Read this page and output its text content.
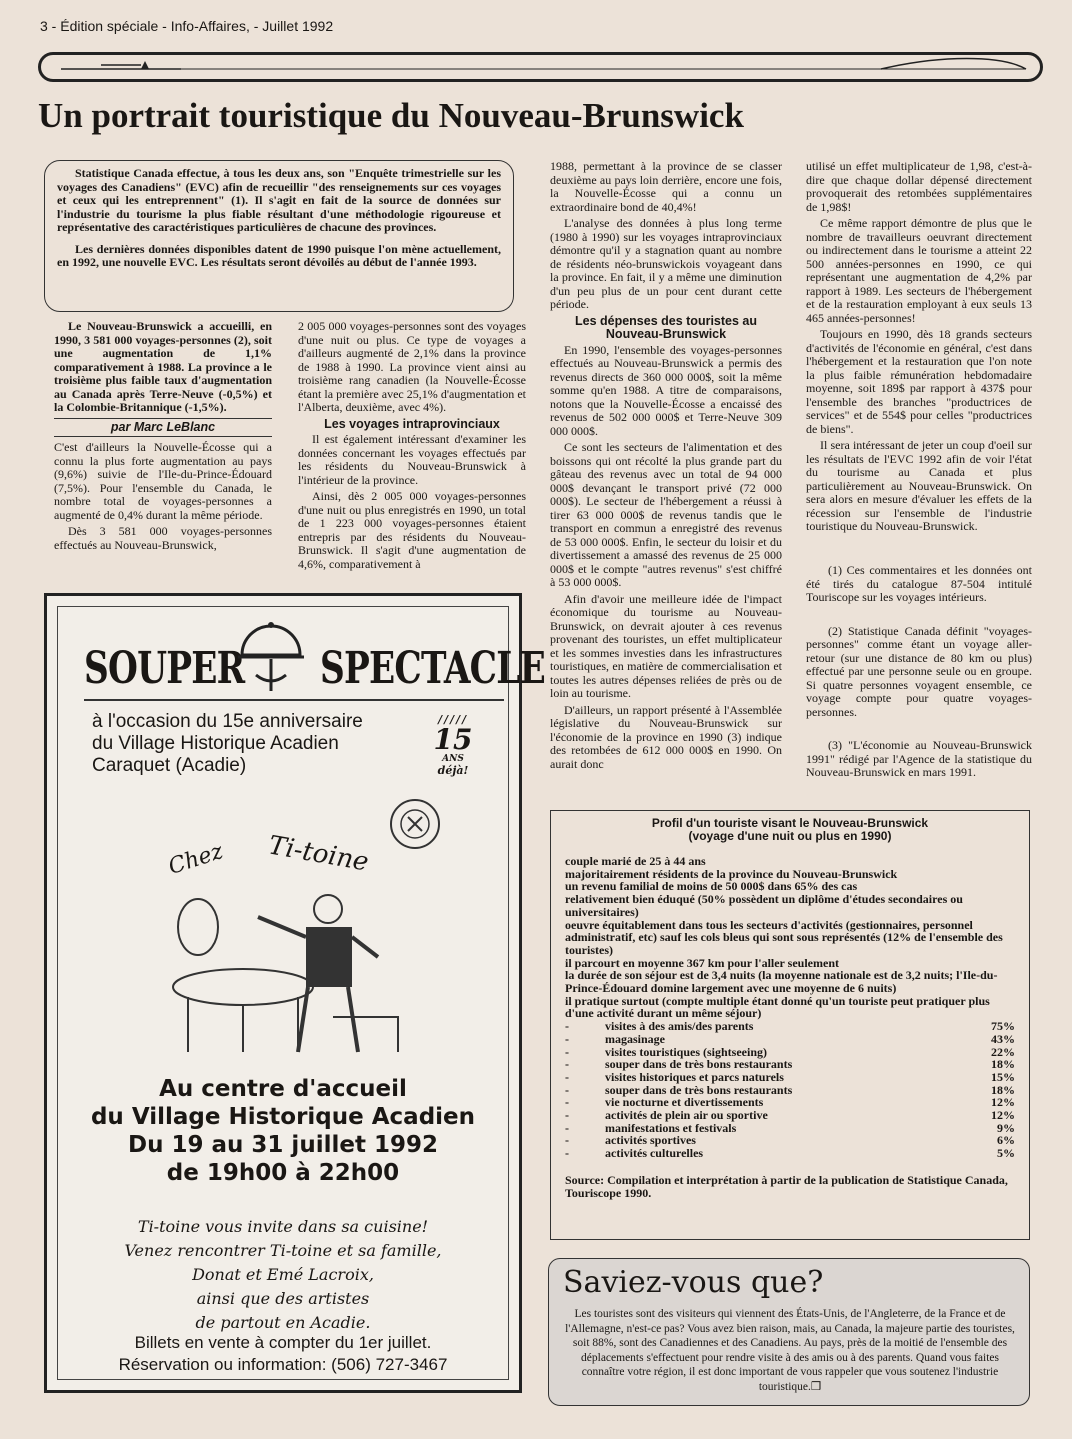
3 - Édition spéciale - Info-Affaires, - Juillet 1992
Un portrait touristique du Nouveau-Brunswick

Statistique Canada effectue, à tous les deux ans, son "Enquête trimestrielle sur les voyages des Canadiens" (EVC) afin de recueillir "des renseignements sur ces voyages et ceux qui les entreprennent" (1). Il s'agit en fait de la source de données sur l'industrie du tourisme la plus fiable résultant d'une méthodologie rigoureuse et représentative des caractéristiques particulières de chacune des provinces.

Les dernières données disponibles datent de 1990 puisque l'on mène actuellement, en 1992, une nouvelle EVC. Les résultats seront dévoilés au début de l'année 1993.

Le Nouveau-Brunswick a accueilli, en 1990, 3 581 000 voyages-personnes (2), soit une augmentation de 1,1% comparativement à 1988. La province a le troisième plus faible taux d'augmentation au Canada après Terre-Neuve (-0,5%) et la Colombie-Britannique (-1,5%).

par Marc LeBlanc

C'est d'ailleurs la Nouvelle-Écosse qui a connu la plus forte augmentation au pays (9,6%) suivie de l'Ile-du-Prince-Édouard (7,5%). Pour l'ensemble du Canada, le nombre total de voyages-personnes a augmenté de 0,4% durant la même période.

Dès 3 581 000 voyages-personnes effectués au Nouveau-Brunswick,

2 005 000 voyages-personnes sont des voyages d'une nuit ou plus. Ce type de voyages a d'ailleurs augmenté de 2,1% dans la province de 1988 à 1990. La province vient ainsi au troisième rang canadien (la Nouvelle-Écosse étant la première avec 25,1% d'augmentation et l'Alberta, deuxième, avec 4%).

Les voyages intraprovinciaux

Il est également intéressant d'examiner les données concernant les voyages effectués par les résidents du Nouveau-Brunswick à l'intérieur de la province.

Ainsi, dès 2 005 000 voyages-personnes d'une nuit ou plus enregistrés en 1990, un total de 1 223 000 voyages-personnes étaient entrepris par des résidents du Nouveau-Brunswick. Il s'agit d'une augmentation de 4,6%, comparativement à

1988, permettant à la province de se classer deuxième au pays loin derrière, encore une fois, la Nouvelle-Écosse qui a connu un extraordinaire bond de 40,4%!

L'analyse des données à plus long terme (1980 à 1990) sur les voyages intraprovinciaux démontre qu'il y a stagnation quant au nombre de résidents néo-brunswickois voyageant dans la province. En fait, il y a même une diminution d'un peu plus de un pour cent durant cette période.

Les dépenses des touristes au Nouveau-Brunswick

En 1990, l'ensemble des voyages-personnes effectués au Nouveau-Brunswick a permis des revenus directs de 360 000 000$, soit la même somme qu'en 1988. A titre de comparaisons, notons que la Nouvelle-Écosse a encaissé des revenus de 502 000 000$ et Terre-Neuve 309 000 000$.

Ce sont les secteurs de l'alimentation et des boissons qui ont récolté la plus grande part du gâteau des revenus avec un total de 94 000 000$ devançant le transport privé (72 000 000$). Le secteur de l'hébergement a réussi à tirer 63 000 000$ de revenus tandis que le transport en commun a enregistré des revenus de 53 000 000$. Enfin, le secteur du loisir et du divertissement a amassé des revenus de 25 000 000$ et le compte "autres revenus" s'est chiffré à 53 000 000$.

Afin d'avoir une meilleure idée de l'impact économique du tourisme au Nouveau-Brunswick, on devrait ajouter à ces revenus provenant des touristes, un effet multiplicateur et les sommes investies dans les infrastructures touristiques, en matière de commercialisation et toutes les autres dépenses reliées de près ou de loin au tourisme.

D'ailleurs, un rapport présenté à l'Assemblée législative du Nouveau-Brunswick sur l'économie de la province en 1990 (3) indique des retombées de 612 000 000$ en 1990. On aurait donc

utilisé un effet multiplicateur de 1,98, c'est-à-dire que chaque dollar dépensé directement provoquerait des retombées supplémentaires de 1,98$!

Ce même rapport démontre de plus que le nombre de travailleurs oeuvrant directement ou indirectement dans le tourisme a atteint 22 500 années-personnes en 1990, ce qui représentant une augmentation de 4,2% par rapport à 1989. Les secteurs de l'hébergement et de la restauration employant à eux seuls 13 465 années-personnes!

Toujours en 1990, dès 18 grands secteurs d'activités de l'économie en général, c'est dans l'hébergement et la restauration que l'on note la plus faible rémunération hebdomadaire moyenne, soit 189$ par rapport à 437$ pour l'ensemble des branches "productrices de services" et de 554$ pour celles "productrices de biens".

Il sera intéressant de jeter un coup d'oeil sur les résultats de l'EVC 1992 afin de voir l'état du tourisme au Canada et plus particulièrement au Nouveau-Brunswick. On sera alors en mesure d'évaluer les effets de la récession sur l'ensemble de l'industrie touristique du Nouveau-Brunswick.

(1) Ces commentaires et les données ont été tirés du catalogue 87-504 intitulé Touriscope sur les voyages intérieurs.

(2) Statistique Canada définit "voyages-personnes" comme étant un voyage aller-retour (sur une distance de 80 km ou plus) effectué par une personne seule ou en groupe. Si quatre personnes voyagent ensemble, ce voyage compte pour quatre voyages-personnes.

(3) "L'économie au Nouveau-Brunswick 1991" rédigé par l'Agence de la statistique du Nouveau-Brunswick en mars 1991.

SOUPER SPECTACLE
à l'occasion du 15e anniversaire
du Village Historique Acadien
Caraquet (Acadie)
/////
15
ANS
déjà!
Chez Ti-toine
Au centre d'accueil
du Village Historique Acadien
Du 19 au 31 juillet 1992
de 19h00 à 22h00
Ti-toine vous invite dans sa cuisine!
Venez rencontrer Ti-toine et sa famille,
Donat et Emé Lacroix,
ainsi que des artistes
de partout en Acadie.
Billets en vente à compter du 1er juillet.
Réservation ou information: (506) 727-3467
Profil d'un touriste visant le Nouveau-Brunswick
(voyage d'une nuit ou plus en 1990)
couple marié de 25 à 44 ans
majoritairement résidents de la province du Nouveau-Brunswick
un revenu familial de moins de 50 000$ dans 65% des cas
relativement bien éduqué (50% possèdent un diplôme d'études secondaires ou universitaires)
oeuvre équitablement dans tous les secteurs d'activités (gestionnaires, personnel administratif, etc) sauf les cols bleus qui sont sous représentés (12% de l'ensemble des touristes)
il parcourt en moyenne 367 km pour l'aller seulement
la durée de son séjour est de 3,4 nuits (la moyenne nationale est de 3,2 nuits; l'Ile-du-Prince-Édouard domine largement avec une moyenne de 6 nuits)
il pratique surtout (compte multiple étant donné qu'un touriste peut pratiquer plus d'une activité durant un même séjour)
-	visites à des amis/des parents	75%
-	magasinage	43%
-	visites touristiques (sightseeing)	22%
-	souper dans de très bons restaurants	18%
-	visites historiques et parcs naturels	15%
-	souper dans de très bons restaurants	18%
-	vie nocturne et divertissements	12%
-	activités de plein air ou sportive	12%
-	manifestations et festivals	9%
-	activités sportives	6%
-	activités culturelles	5%
Source: Compilation et interprétation à partir de la publication de Statistique Canada, Touriscope 1990.
Saviez-vous que?
Les touristes sont des visiteurs qui viennent des États-Unis, de l'Angleterre, de la France et de l'Allemagne, n'est-ce pas? Vous avez bien raison, mais, au Canada, la majeure partie des touristes, soit 88%, sont des Canadiennes et des Canadiens. Au pays, près de la moitié de l'ensemble des déplacements s'effectuent pour rendre visite à des amis ou à des parents. Quand vous faites connaître votre région, il est donc important de vous rappeler que vous soutenez l'industrie touristique.❒
